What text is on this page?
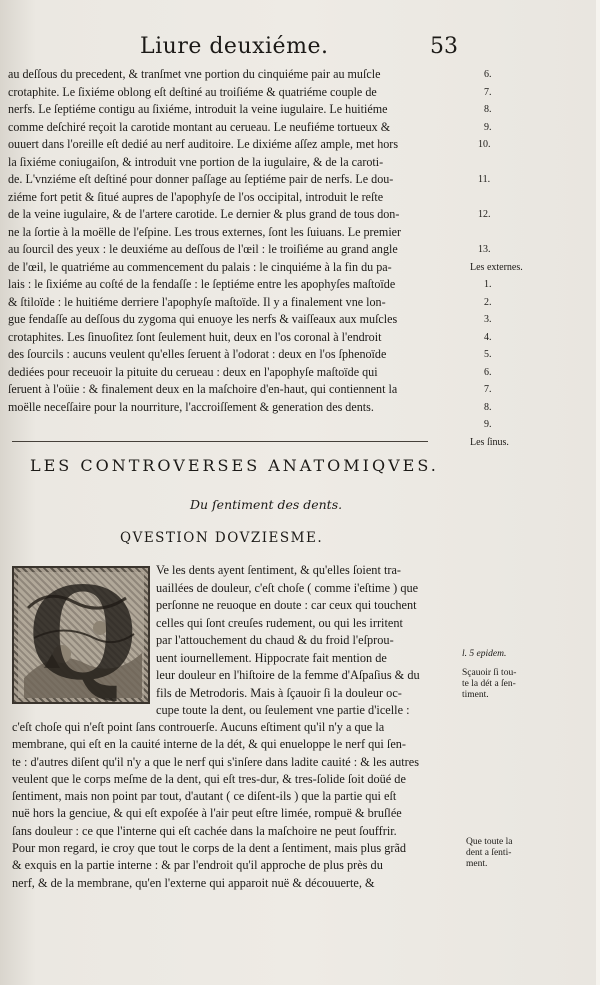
Liure deuxiéme.	53

au deſſous du precedent, & tranſmet vne portion du cinquiéme pair au muſcle

crotaphite. Le ſixiéme oblong eſt deſtiné au troiſiéme & quatriéme couple de

nerfs. Le ſeptiéme contigu au ſixiéme, introduit la veine iugulaire. Le huitiéme

comme deſchiré reçoit la carotide montant au cerueau. Le neufiéme tortueux &

ouuert dans l'oreille eſt dedié au nerf auditoire. Le dixiéme aſſez ample, met hors

la ſixiéme coniugaiſon, & introduit vne portion de la iugulaire, & de la caroti-

de. L'vnziéme eſt deſtiné pour donner paſſage au ſeptiéme pair de nerfs. Le dou-

ziéme fort petit & ſitué aupres de l'apophyſe de l'os occipital, introduit le reſte

de la veine iugulaire, & de l'artere carotide. Le dernier & plus grand de tous don-

ne la ſortie à la moëlle de l'eſpine. Les trous externes, ſont les ſuiuans. Le premier

au ſourcil des yeux : le deuxiéme au deſſous de l'œil : le troiſiéme au grand angle

de l'œil, le quatriéme au commencement du palais : le cinquiéme à la fin du pa-

lais : le ſixiéme au coſté de la fendaſſe : le ſeptiéme entre les apophyſes maſtoïde

& ſtiloïde : le huitiéme derriere l'apophyſe maſtoïde. Il y a finalement vne lon-

gue fendaſſe au deſſous du zygoma qui enuoye les nerfs & vaiſſeaux aux muſcles

crotaphites. Les ſinuoſitez ſont ſeulement huit, deux en l'os coronal à l'endroit

des ſourcils : aucuns veulent qu'elles ſeruent à l'odorat : deux en l'os ſphenoïde

dediées pour receuoir la pituite du cerueau : deux en l'apophyſe maſtoïde qui

ſeruent à l'oüie : & finalement deux en la maſchoire d'en-haut, qui contiennent la

moëlle neceſſaire pour la nourriture, l'accroiſſement & generation des dents.

6.
7.
8.
9.
10.

11.

12.

13.
Les externes.
1.
2.
3.
4.
5.
6.
7.
8.
9.
Les ſinus.
LES CONTROVERSES ANATOMIQVES.
Du ſentiment des dents.
QVESTION DOVZIESME.
Q Ve les dents ayent ſentiment, & qu'elles ſoient tra-

uaillées de douleur, c'eſt choſe ( comme i'eſtime ) que

perſonne ne reuoque en doute : car ceux qui touchent

celles qui ſont creuſes rudement, ou qui les irritent

par l'attouchement du chaud & du froid l'eſprou-

uent iournellement. Hippocrate fait mention de

leur douleur en l'hiſtoire de la femme d'Aſpaſius & du

fils de Metrodoris. Mais à ſçauoir ſi la douleur oc-

cupe toute la dent, ou ſeulement vne partie d'icelle :

c'eſt choſe qui n'eſt point ſans controuerſe. Aucuns eſtiment qu'il n'y a que la

membrane, qui eſt en la cauité interne de la dét, & qui enueloppe le nerf qui ſen-

te : d'autres diſent qu'il n'y a que le nerf qui s'inſere dans ladite cauité : & les autres

veulent que le corps meſme de la dent, qui eſt tres-dur, & tres-ſolide ſoit doüé de

ſentiment, mais non point par tout, d'autant ( ce diſent-ils ) que la partie qui eſt

nuë hors la genciue, & qui eſt expoſée à l'air peut eſtre limée, rompuë & bruſlée

ſans douleur : ce que l'interne qui eſt cachée dans la maſchoire ne peut ſouffrir.

Pour mon regard, ie croy que tout le corps de la dent a ſentiment, mais plus grãd

& exquis en la partie interne : & par l'endroit qu'il approche de plus près du

nerf, & de la membrane, qu'en l'externe qui apparoit nuë & découuerte, &

l. 5 epidem.
Sçauoir ſi tou-
te la dét a ſen-
timent.
Que toute la
dent a ſenti-
ment.
